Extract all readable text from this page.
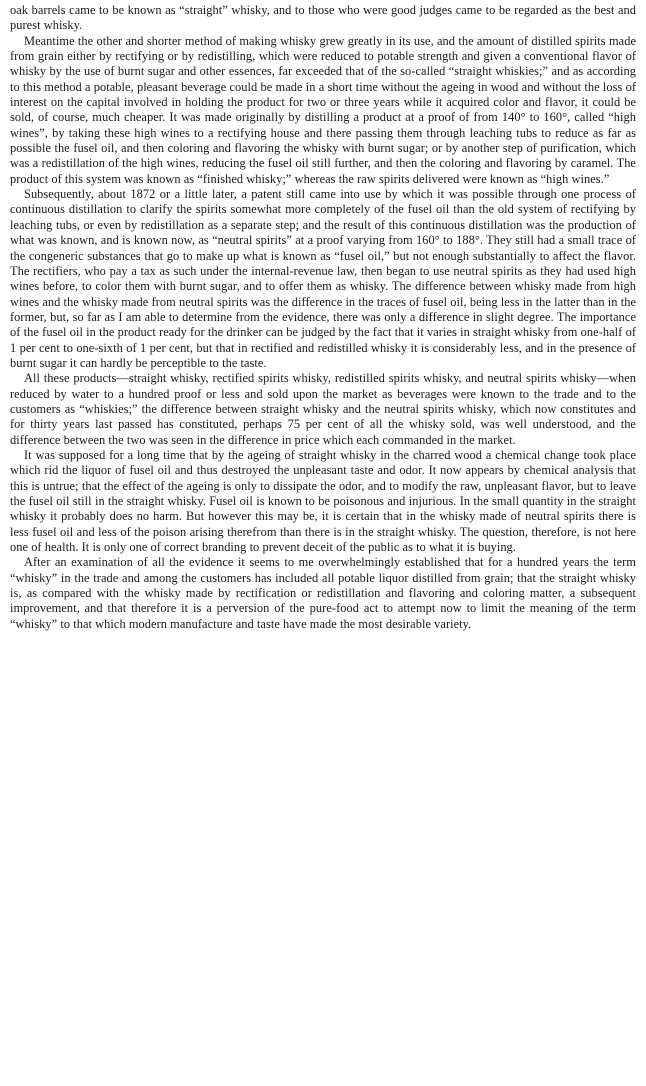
oak barrels came to be known as “straight” whisky, and to those who were good judges came to be regarded as the best and purest whisky.

Meantime the other and shorter method of making whisky grew greatly in its use, and the amount of distilled spirits made from grain either by rectifying or by redistilling, which were reduced to potable strength and given a conventional flavor of whisky by the use of burnt sugar and other essences, far exceeded that of the so-called “straight whiskies;” and as according to this method a potable, pleasant beverage could be made in a short time without the ageing in wood and without the loss of interest on the capital involved in holding the product for two or three years while it acquired color and flavor, it could be sold, of course, much cheaper. It was made originally by distilling a product at a proof of from 140° to 160°, called “high wines”, by taking these high wines to a rectifying house and there passing them through leaching tubs to reduce as far as possible the fusel oil, and then coloring and flavoring the whisky with burnt sugar; or by another step of purification, which was a redistillation of the high wines, reducing the fusel oil still further, and then the coloring and flavoring by caramel. The product of this system was known as “finished whisky;” whereas the raw spirits delivered were known as “high wines.”

Subsequently, about 1872 or a little later, a patent still came into use by which it was possible through one process of continuous distillation to clarify the spirits somewhat more completely of the fusel oil than the old system of rectifying by leaching tubs, or even by redistillation as a separate step; and the result of this continuous distillation was the production of what was known, and is known now, as “neutral spirits” at a proof varying from 160° to 188°. They still had a small trace of the congeneric substances that go to make up what is known as “fusel oil,” but not enough substantially to affect the flavor. The rectifiers, who pay a tax as such under the internal-revenue law, then began to use neutral spirits as they had used high wines before, to color them with burnt sugar, and to offer them as whisky. The difference between whisky made from high wines and the whisky made from neutral spirits was the difference in the traces of fusel oil, being less in the latter than in the former, but, so far as I am able to determine from the evidence, there was only a difference in slight degree. The importance of the fusel oil in the product ready for the drinker can be judged by the fact that it varies in straight whisky from one-half of 1 per cent to one-sixth of 1 per cent, but that in rectified and redistilled whisky it is considerably less, and in the presence of burnt sugar it can hardly be perceptible to the taste.

All these products—straight whisky, rectified spirits whisky, redistilled spirits whisky, and neutral spirits whisky—when reduced by water to a hundred proof or less and sold upon the market as beverages were known to the trade and to the customers as “whiskies;” the difference between straight whisky and the neutral spirits whisky, which now constitutes and for thirty years last passed has constituted, perhaps 75 per cent of all the whisky sold, was well understood, and the difference between the two was seen in the difference in price which each commanded in the market.

It was supposed for a long time that by the ageing of straight whisky in the charred wood a chemical change took place which rid the liquor of fusel oil and thus destroyed the unpleasant taste and odor. It now appears by chemical analysis that this is untrue; that the effect of the ageing is only to dissipate the odor, and to modify the raw, unpleasant flavor, but to leave the fusel oil still in the straight whisky. Fusel oil is known to be poisonous and injurious. In the small quantity in the straight whisky it probably does no harm. But however this may be, it is certain that in the whisky made of neutral spirits there is less fusel oil and less of the poison arising therefrom than there is in the straight whisky. The question, therefore, is not here one of health. It is only one of correct branding to prevent deceit of the public as to what it is buying.

After an examination of all the evidence it seems to me overwhelmingly established that for a hundred years the term “whisky” in the trade and among the customers has included all potable liquor distilled from grain; that the straight whisky is, as compared with the whisky made by rectification or redistillation and flavoring and coloring matter, a subsequent improvement, and that therefore it is a perversion of the pure-food act to attempt now to limit the meaning of the term “whisky” to that which modern manufacture and taste have made the most desirable variety.
